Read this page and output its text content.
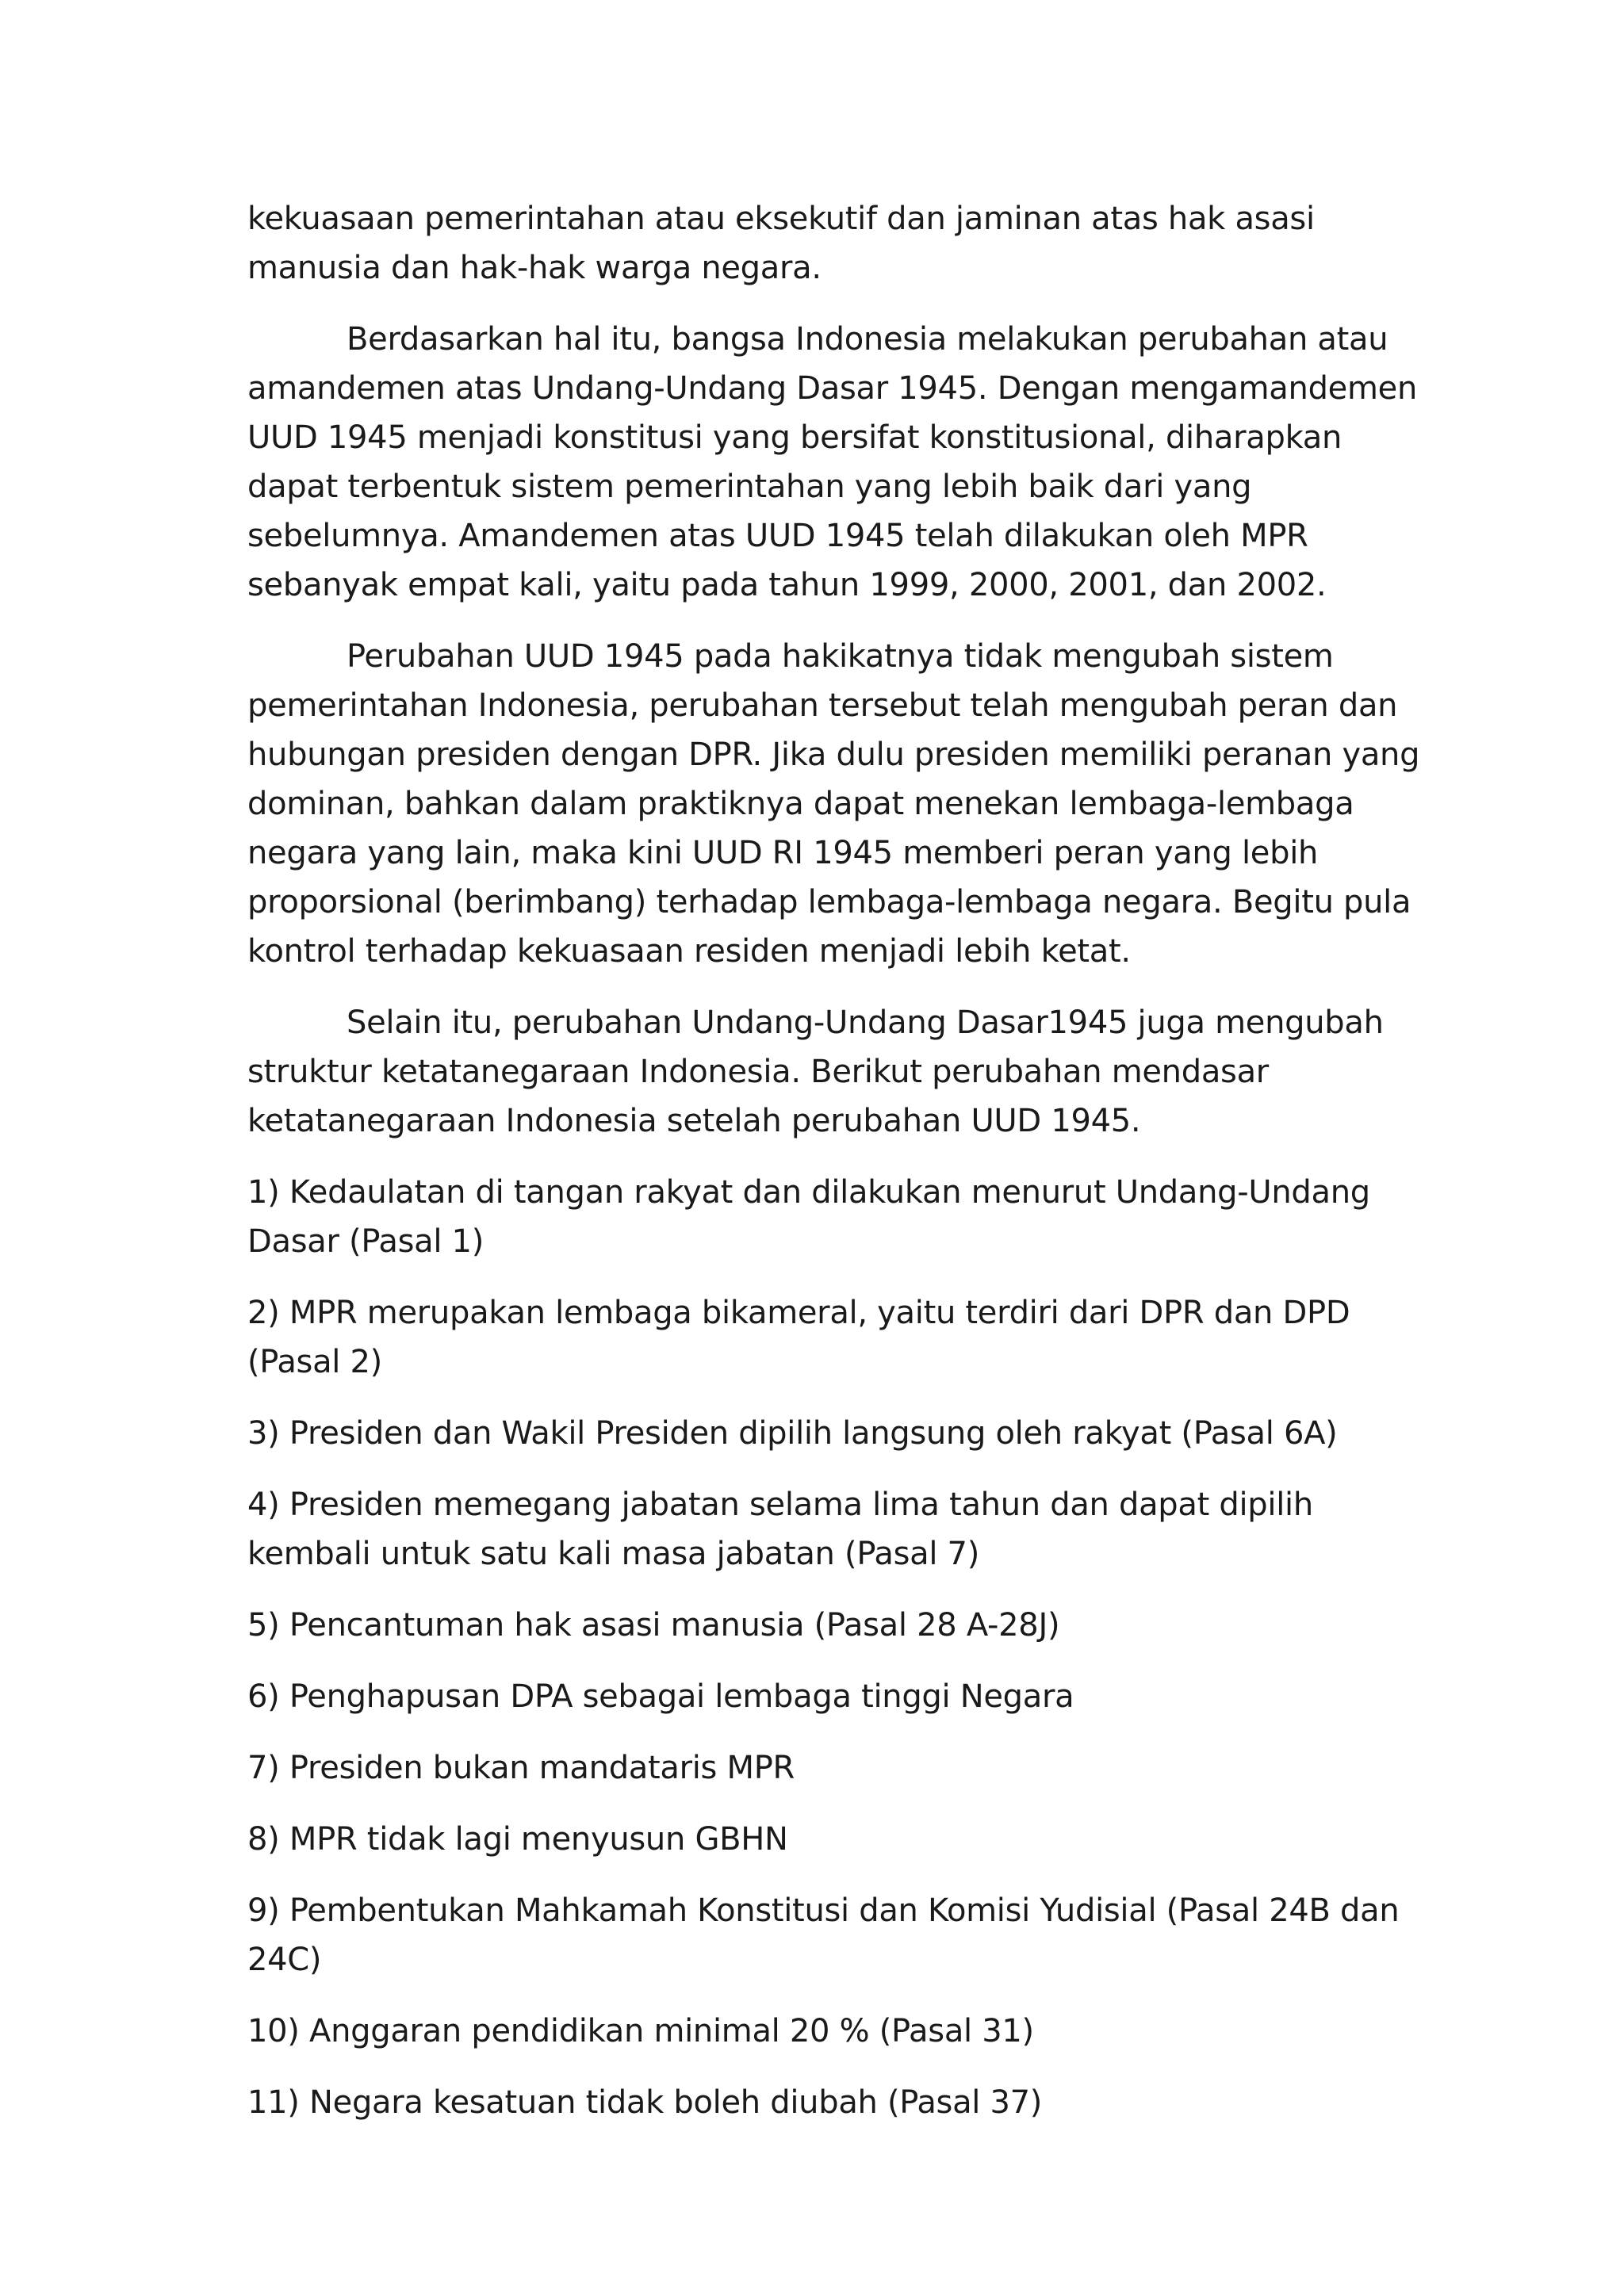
kekuasaan pemerintahan atau eksekutif dan jaminan atas hak asasi manusia dan hak-hak warga negara.

Berdasarkan hal itu, bangsa Indonesia melakukan perubahan atau amandemen atas Undang-Undang Dasar 1945. Dengan mengamandemen UUD 1945 menjadi konstitusi yang bersifat konstitusional, diharapkan dapat terbentuk sistem pemerintahan yang lebih baik dari yang sebelumnya. Amandemen atas UUD 1945 telah dilakukan oleh MPR sebanyak empat kali, yaitu pada tahun 1999, 2000, 2001, dan 2002.

Perubahan UUD 1945 pada hakikatnya tidak mengubah sistem pemerintahan Indonesia, perubahan tersebut telah mengubah peran dan hubungan presiden dengan DPR. Jika dulu presiden memiliki peranan yang dominan, bahkan dalam praktiknya dapat menekan lembaga-lembaga negara yang lain, maka kini UUD RI 1945 memberi peran yang lebih proporsional (berimbang) terhadap lembaga-lembaga negara. Begitu pula kontrol terhadap kekuasaan residen menjadi lebih ketat.

Selain itu, perubahan Undang-Undang Dasar1945 juga mengubah struktur ketatanegaraan Indonesia. Berikut perubahan mendasar ketatanegaraan Indonesia setelah perubahan UUD 1945.

1) Kedaulatan di tangan rakyat dan dilakukan menurut Undang-Undang Dasar (Pasal 1)

2) MPR merupakan lembaga bikameral, yaitu terdiri dari DPR dan DPD (Pasal 2)

3) Presiden dan Wakil Presiden dipilih langsung oleh rakyat (Pasal 6A)

4) Presiden memegang jabatan selama lima tahun dan dapat dipilih kembali untuk satu kali masa jabatan (Pasal 7)

5) Pencantuman hak asasi manusia (Pasal 28 A-28J)

6) Penghapusan DPA sebagai lembaga tinggi Negara

7) Presiden bukan mandataris MPR

8) MPR tidak lagi menyusun GBHN

9) Pembentukan Mahkamah Konstitusi dan Komisi Yudisial (Pasal 24B dan 24C)

10) Anggaran pendidikan minimal 20 % (Pasal 31)

11) Negara kesatuan tidak boleh diubah (Pasal 37)
